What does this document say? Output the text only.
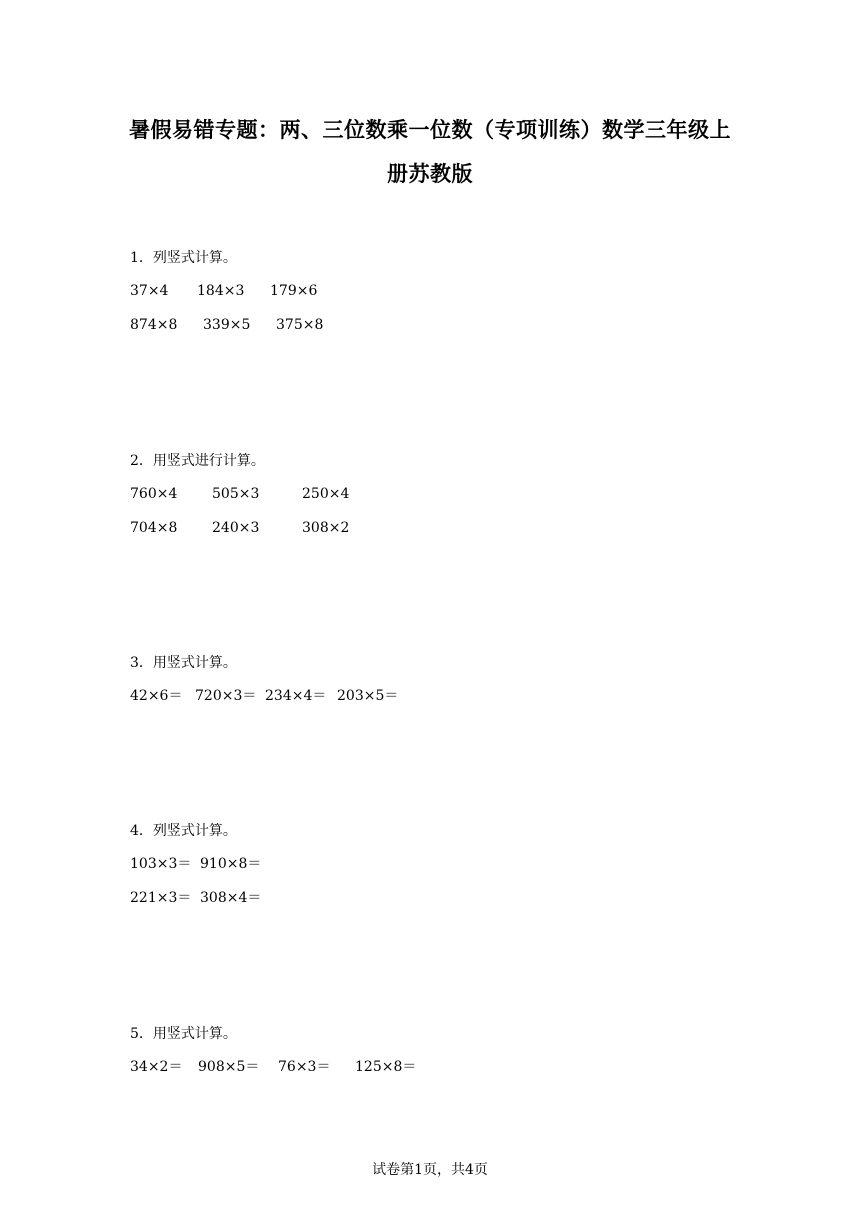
暑假易错专题：两、三位数乘一位数（专项训练）数学三年级上
册苏教版
1．列竖式计算。
37×4 184×3 179×6
874×8 339×5 375×8
2．用竖式进行计算。
760×4 505×3	250×4
704×8 240×3	308×2
3．用竖式计算。
42×6＝ 720×3＝ 234×4＝ 203×5＝
4．列竖式计算。
103×3＝ 910×8＝
221×3＝ 308×4＝
5．用竖式计算。
34×2＝ 908×5＝ 76×3＝ 125×8＝
试卷第1页，共4页
